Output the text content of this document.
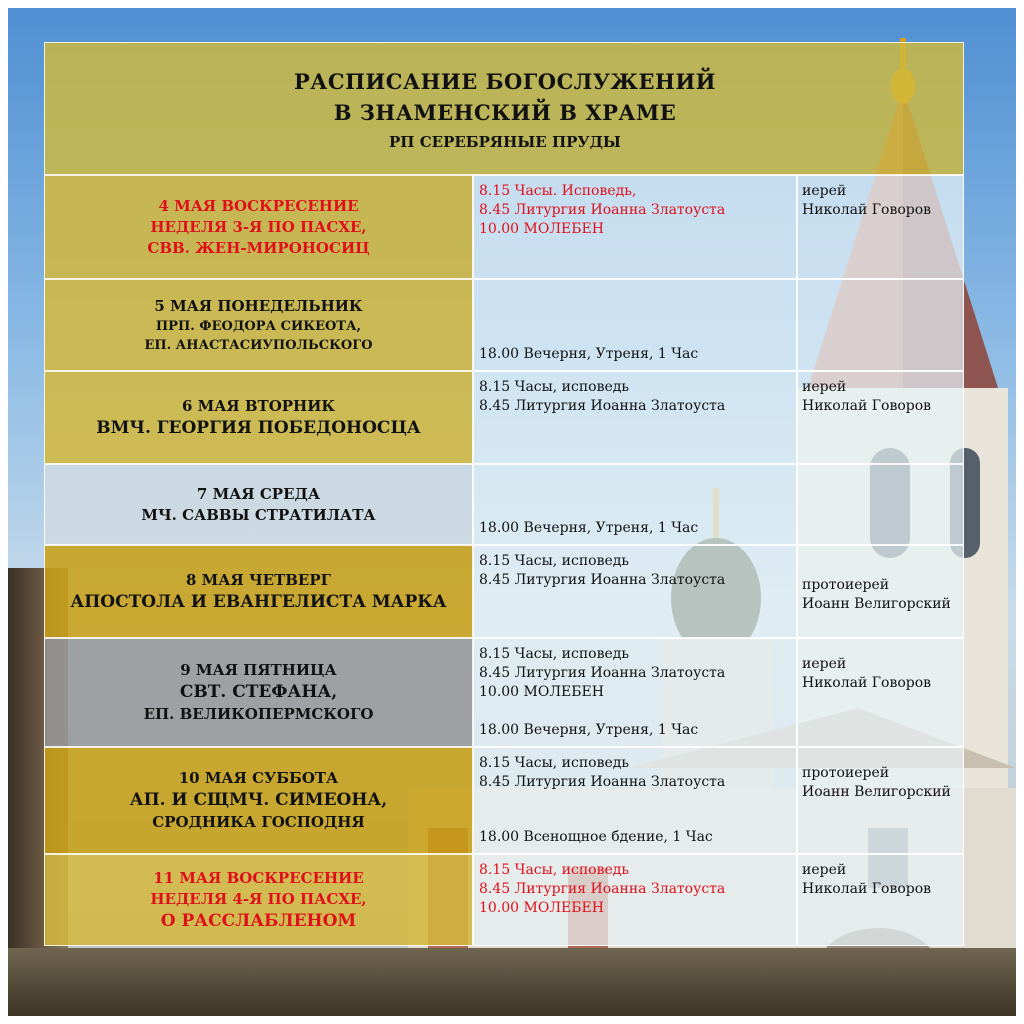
РАСПИСАНИЕ БОГОСЛУЖЕНИЙ
В ЗНАМЕНСКИЙ В ХРАМЕ
РП СЕРЕБРЯНЫЕ ПРУДЫ
4 МАЯ ВОСКРЕСЕНИЕ
НЕДЕЛЯ 3-Я ПО ПАСХЕ,
СВВ. ЖЕН-МИРОНОСИЦ
8.15 Часы. Исповедь,
8.45 Литургия Иоанна Златоуста
10.00 МОЛЕБЕН
иерей
Николай Говоров
5 МАЯ ПОНЕДЕЛЬНИК
ПРП. ФЕОДОРА СИКЕОТА,
ЕП. АНАСТАСИУПОЛЬСКОГО
18.00 Вечерня, Утреня, 1 Час
6 МАЯ ВТОРНИК
ВМЧ. ГЕОРГИЯ ПОБЕДОНОСЦА
8.15 Часы, исповедь
8.45 Литургия Иоанна Златоуста
иерей
Николай Говоров
7 МАЯ СРЕДА
МЧ. САВВЫ СТРАТИЛАТА
18.00 Вечерня, Утреня, 1 Час
8 МАЯ ЧЕТВЕРГ
АПОСТОЛА И ЕВАНГЕЛИСТА МАРКА
8.15 Часы, исповедь
8.45 Литургия Иоанна Златоуста	протоиерей
Иоанн Велигорский
9 МАЯ ПЯТНИЦА
СВТ. СТЕФАНА,
ЕП. ВЕЛИКОПЕРМСКОГО
8.15 Часы, исповедь
8.45 Литургия Иоанна Златоуста
10.00 МОЛЕБЕН
18.00 Вечерня, Утреня, 1 Час
иерей
Николай Говоров
10 МАЯ СУББОТА
АП. И СЩМЧ. СИМЕОНА,
СРОДНИКА ГОСПОДНЯ
8.15 Часы, исповедь
8.45 Литургия Иоанна Златоуста
18.00 Всенощное бдение, 1 Час
протоиерей
Иоанн Велигорский
11 МАЯ ВОСКРЕСЕНИЕ
НЕДЕЛЯ 4-Я ПО ПАСХЕ,
О РАССЛАБЛЕНОМ
8.15 Часы, исповедь
8.45 Литургия Иоанна Златоуста
10.00 МОЛЕБЕН
иерей
Николай Говоров
